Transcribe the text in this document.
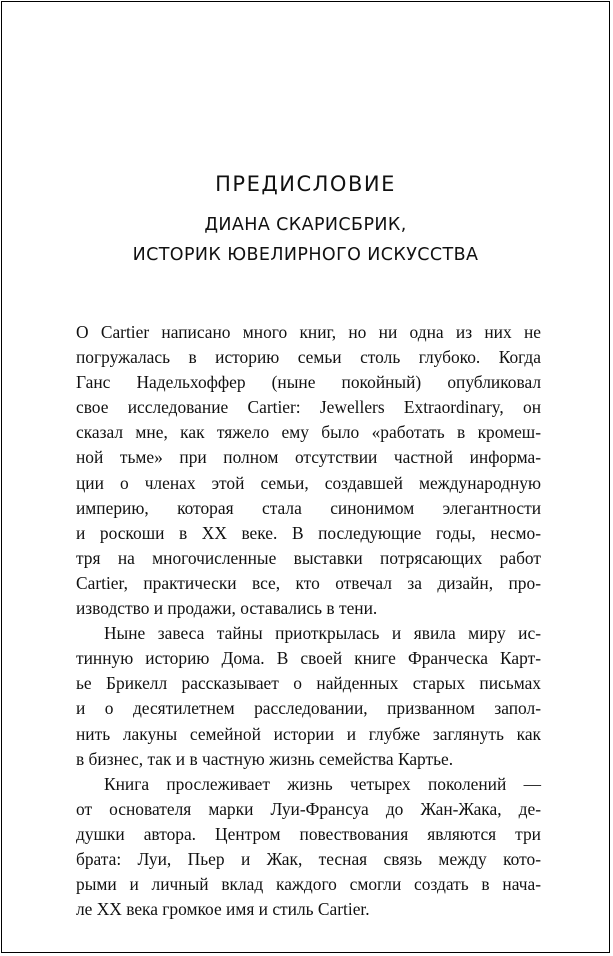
ПРЕДИСЛОВИЕ
ДИАНА СКАРИСБРИК,
ИСТОРИК ЮВЕЛИРНОГО ИСКУССТВА
О Cartier написано много книг, но ни одна из них не
погружалась в историю семьи столь глубоко. Когда
Ганс Надельхоффер (ныне покойный) опубликовал
свое исследование Cartier: Jewellers Extraordinary, он
сказал мне, как тяжело ему было «работать в кромеш-
ной тьме» при полном отсутствии частной информа-
ции о членах этой семьи, создавшей международную
империю, которая стала синонимом элегантности
и роскоши в XX веке. В последующие годы, несмо-
тря на многочисленные выставки потрясающих работ
Cartier, практически все, кто отвечал за дизайн, про-
изводство и продажи, оставались в тени.
Ныне завеса тайны приоткрылась и явила миру ис-
тинную историю Дома. В своей книге Франческа Карт-
ье Брикелл рассказывает о найденных старых письмах
и о десятилетнем расследовании, призванном запол-
нить лакуны семейной истории и глубже заглянуть как
в бизнес, так и в частную жизнь семейства Картье.
Книга прослеживает жизнь четырех поколений —
от основателя марки Луи-Франсуа до Жан-Жака, де-
душки автора. Центром повествования являются три
брата: Луи, Пьер и Жак, тесная связь между кото-
рыми и личный вклад каждого смогли создать в нача-
ле XX века громкое имя и стиль Cartier.
